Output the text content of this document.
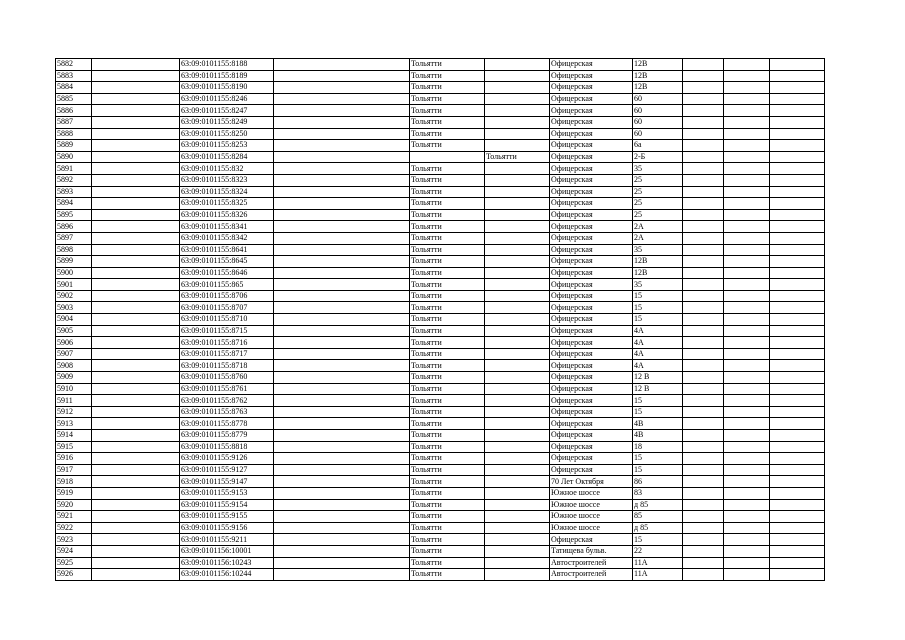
5882		63:09:0101155:8188		Тольятти		Офицерская	12В			
5883		63:09:0101155:8189		Тольятти		Офицерская	12В			
5884		63:09:0101155:8190		Тольятти		Офицерская	12В			
5885		63:09:0101155:8246		Тольятти		Офицерская	60			
5886		63:09:0101155:8247		Тольятти		Офицерская	60			
5887		63:09:0101155:8249		Тольятти		Офицерская	60			
5888		63:09:0101155:8250		Тольятти		Офицерская	60			
5889		63:09:0101155:8253		Тольятти		Офицерская	6а			
5890		63:09:0101155:8284			Тольятти	Офицерская	2-Б			
5891		63:09:0101155:832		Тольятти		Офицерская	35			
5892		63:09:0101155:8323		Тольятти		Офицерская	25			
5893		63:09:0101155:8324		Тольятти		Офицерская	25			
5894		63:09:0101155:8325		Тольятти		Офицерская	25			
5895		63:09:0101155:8326		Тольятти		Офицерская	25			
5896		63:09:0101155:8341		Тольятти		Офицерская	2А			
5897		63:09:0101155:8342		Тольятти		Офицерская	2А			
5898		63:09:0101155:8641		Тольятти		Офицерская	35			
5899		63:09:0101155:8645		Тольятти		Офицерская	12В			
5900		63:09:0101155:8646		Тольятти		Офицерская	12В			
5901		63:09:0101155:865		Тольятти		Офицерская	35			
5902		63:09:0101155:8706		Тольятти		Офицерская	15			
5903		63:09:0101155:8707		Тольятти		Офицерская	15			
5904		63:09:0101155:8710		Тольятти		Офицерская	15			
5905		63:09:0101155:8715		Тольятти		Офицерская	4А			
5906		63:09:0101155:8716		Тольятти		Офицерская	4А			
5907		63:09:0101155:8717		Тольятти		Офицерская	4А			
5908		63:09:0101155:8718		Тольятти		Офицерская	4А			
5909		63:09:0101155:8760		Тольятти		Офицерская	12 В			
5910		63:09:0101155:8761		Тольятти		Офицерская	12 В			
5911		63:09:0101155:8762		Тольятти		Офицерская	15			
5912		63:09:0101155:8763		Тольятти		Офицерская	15			
5913		63:09:0101155:8778		Тольятти		Офицерская	4В			
5914		63:09:0101155:8779		Тольятти		Офицерская	4В			
5915		63:09:0101155:8818		Тольятти		Офицерская	18			
5916		63:09:0101155:9126		Тольятти		Офицерская	15			
5917		63:09:0101155:9127		Тольятти		Офицерская	15			
5918		63:09:0101155:9147		Тольятти		70 Лет Октября	86			
5919		63:09:0101155:9153		Тольятти		Южное шоссе	83			
5920		63:09:0101155:9154		Тольятти		Южное шоссе	д 85			
5921		63:09:0101155:9155		Тольятти		Южное шоссе	85			
5922		63:09:0101155:9156		Тольятти		Южное шоссе	д 85			
5923		63:09:0101155:9211		Тольятти		Офицерская	15			
5924		63:09:0101156:10001		Тольятти		Татищева бульв.	22			
5925		63:09:0101156:10243		Тольятти		Автостроителей	11А			
5926		63:09:0101156:10244		Тольятти		Автостроителей	11А			
